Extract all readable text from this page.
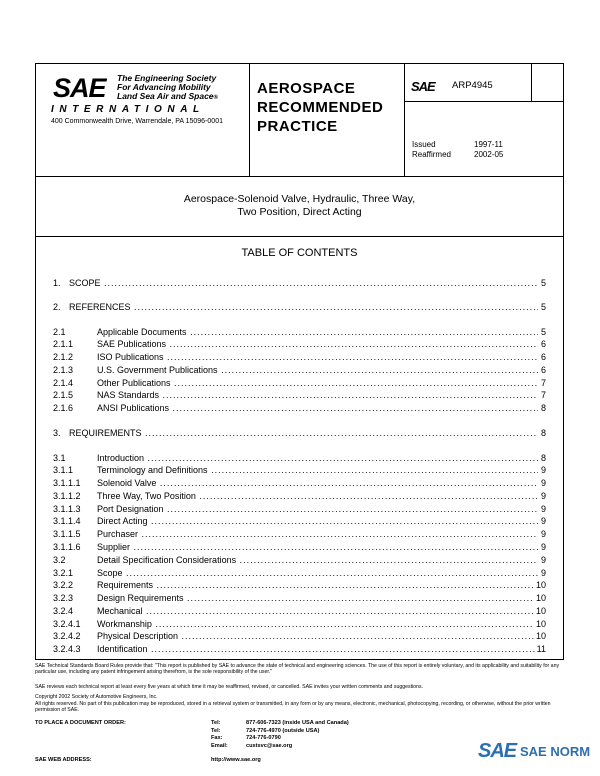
SAE The Engineering Society
For Advancing Mobility
Land Sea Air and Space®
INTERNATIONAL
400 Commonwealth Drive, Warrendale, PA 15096-0001
AEROSPACE
RECOMMENDED
PRACTICE
SAE ARP4945
Issued	1997-11
Reaffirmed	2002-05
Aerospace-Solenoid Valve, Hydraulic, Three Way,
Two Position, Direct Acting
TABLE OF CONTENTS
1. SCOPE .....	5
2. REFERENCES .....	5
2.1	Applicable Documents .....	5
2.1.1	SAE Publications .....	6
2.1.2	ISO Publications .....	6
2.1.3	U.S. Government Publications .....	6
2.1.4	Other Publications .....	7
2.1.5	NAS Standards .....	7
2.1.6	ANSI Publications .....	8
3. REQUIREMENTS .....	8
3.1	Introduction .....	8
3.1.1	Terminology and Definitions .....	9
3.1.1.1 Solenoid Valve .....	9
3.1.1.2 Three Way, Two Position .....	9
3.1.1.3 Port Designation .....	9
3.1.1.4 Direct Acting .....	9
3.1.1.5 Purchaser .....	9
3.1.1.6 Supplier .....	9
3.2	Detail Specification Considerations .....	9
3.2.1	Scope .....	9
3.2.2	Requirements .....	10
3.2.3	Design Requirements .....	10
3.2.4	Mechanical .....	10
3.2.4.1 Workmanship .....	10
3.2.4.2 Physical Description .....	10
3.2.4.3 Identification .....	11
SAE Technical Standards Board Rules provide that: "This report is published by SAE to advance the state of technical and engineering sciences. The use of this report is entirely voluntary, and its applicability and suitability for any particular use, including any patent infringement arising therefrom, is the sole responsibility of the user."
SAE reviews each technical report at least every five years at which time it may be reaffirmed, revised, or cancelled. SAE invites your written comments and suggestions.
Copyright 2002 Society of Automotive Engineers, Inc.
All rights reserved. No part of this publication may be reproduced, stored in a retrieval system or transmitted, in any form or by any means, electronic, mechanical, photocopying, recording, or otherwise, without the prior written permission of SAE.
TO PLACE A DOCUMENT ORDER:
SAE WEB ADDRESS:
Tel:	877-606-7323 (inside USA and Canada)
Tel:	724-776-4970 (outside USA)
Fax:	724-776-0790
Email:	custsvc@sae.org
http://www.sae.org	SAE SAE NORM
